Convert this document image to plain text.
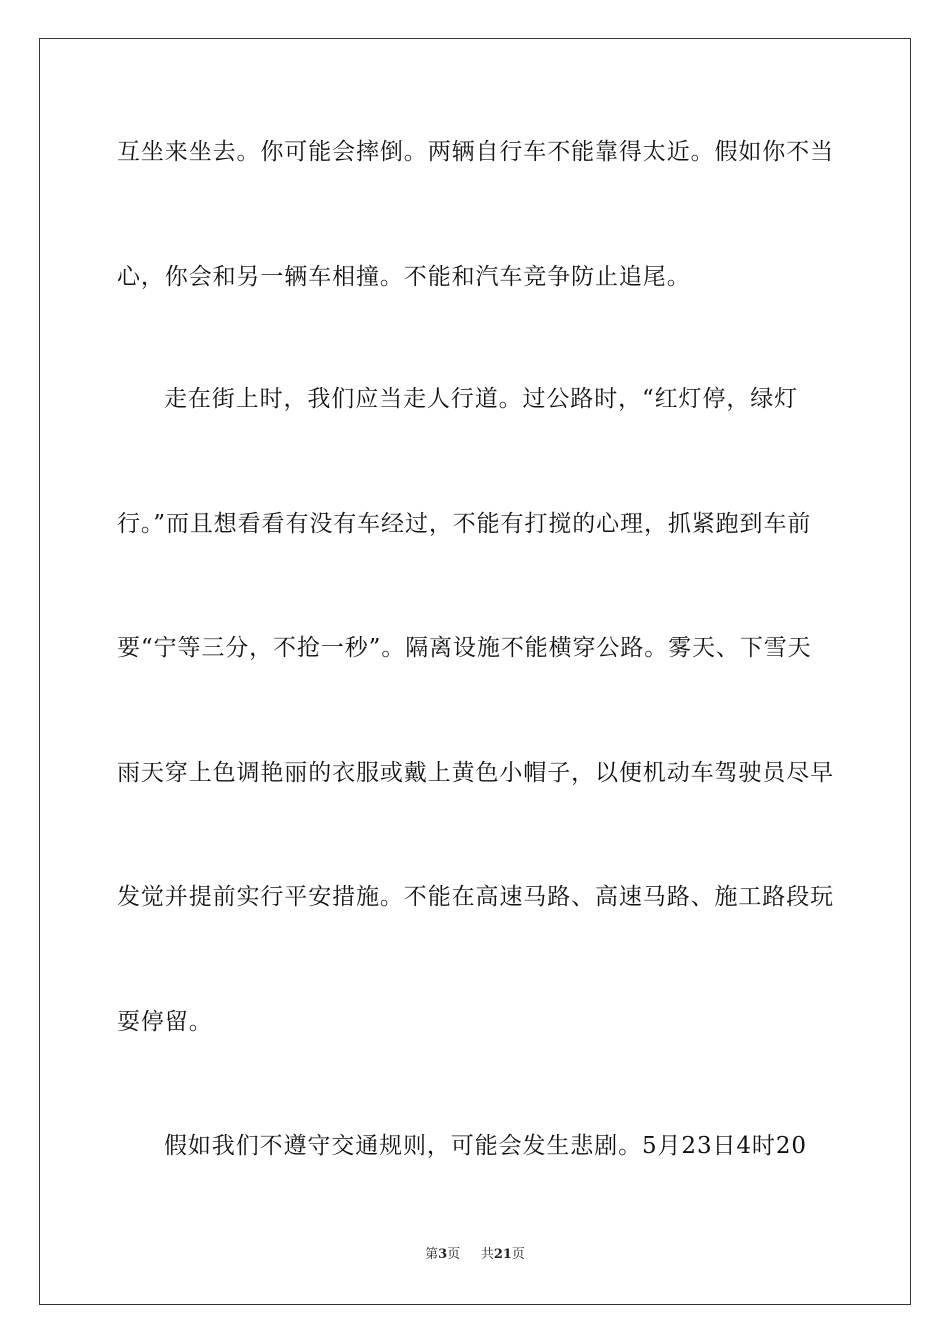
互坐来坐去。你可能会摔倒。两辆自行车不能靠得太近。假如你不当
心，你会和另一辆车相撞。不能和汽车竞争防止追尾。
走在街上时，我们应当走人行道。过公路时，“红灯停，绿灯
行。”而且想看看有没有车经过，不能有打搅的心理，抓紧跑到车前
要“宁等三分，不抢一秒”。隔离设施不能横穿公路。雾天、下雪天
雨天穿上色调艳丽的衣服或戴上黄色小帽子，以便机动车驾驶员尽早
发觉并提前实行平安措施。不能在高速马路、高速马路、施工路段玩
耍停留。
假如我们不遵守交通规则，可能会发生悲剧。5月23日4时20
第3页 共21页
